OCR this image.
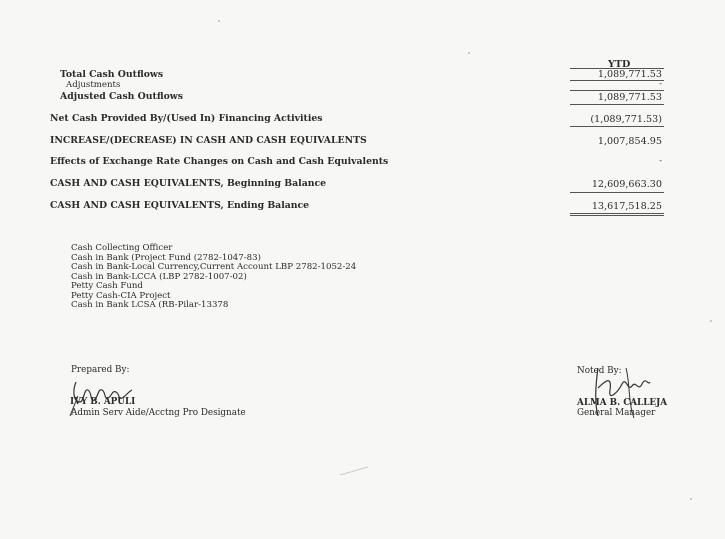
YTD
Total Cash Outflows
Adjustments
Adjusted Cash Outflows
Net Cash Provided By/(Used In) Financing Activities
INCREASE/(DECREASE) IN CASH AND CASH EQUIVALENTS
Effects of Exchange Rate Changes on Cash and Cash Equivalents
CASH AND CASH EQUIVALENTS, Beginning Balance
CASH AND CASH EQUIVALENTS, Ending Balance
1,089,771.53
-
1,089,771.53
(1,089,771.53)
1,007,854.95
-
12,609,663.30
13,617,518.25
Cash Collecting Officer
Cash in Bank (Project Fund (2782-1047-83)
Cash in Bank-Local Currency,Current Account LBP 2782-1052-24
Cash in Bank-LCCA (LBP 2782-1007-02)
Petty Cash Fund
Petty Cash-CIA Project
Cash in Bank LCSA (RB-Pilar-13378
Prepared By:
IVY B. APULI
Admin Serv Aide/Acctng Pro Designate
Noted By:
ALMA B. CALLEJA
General Manager
